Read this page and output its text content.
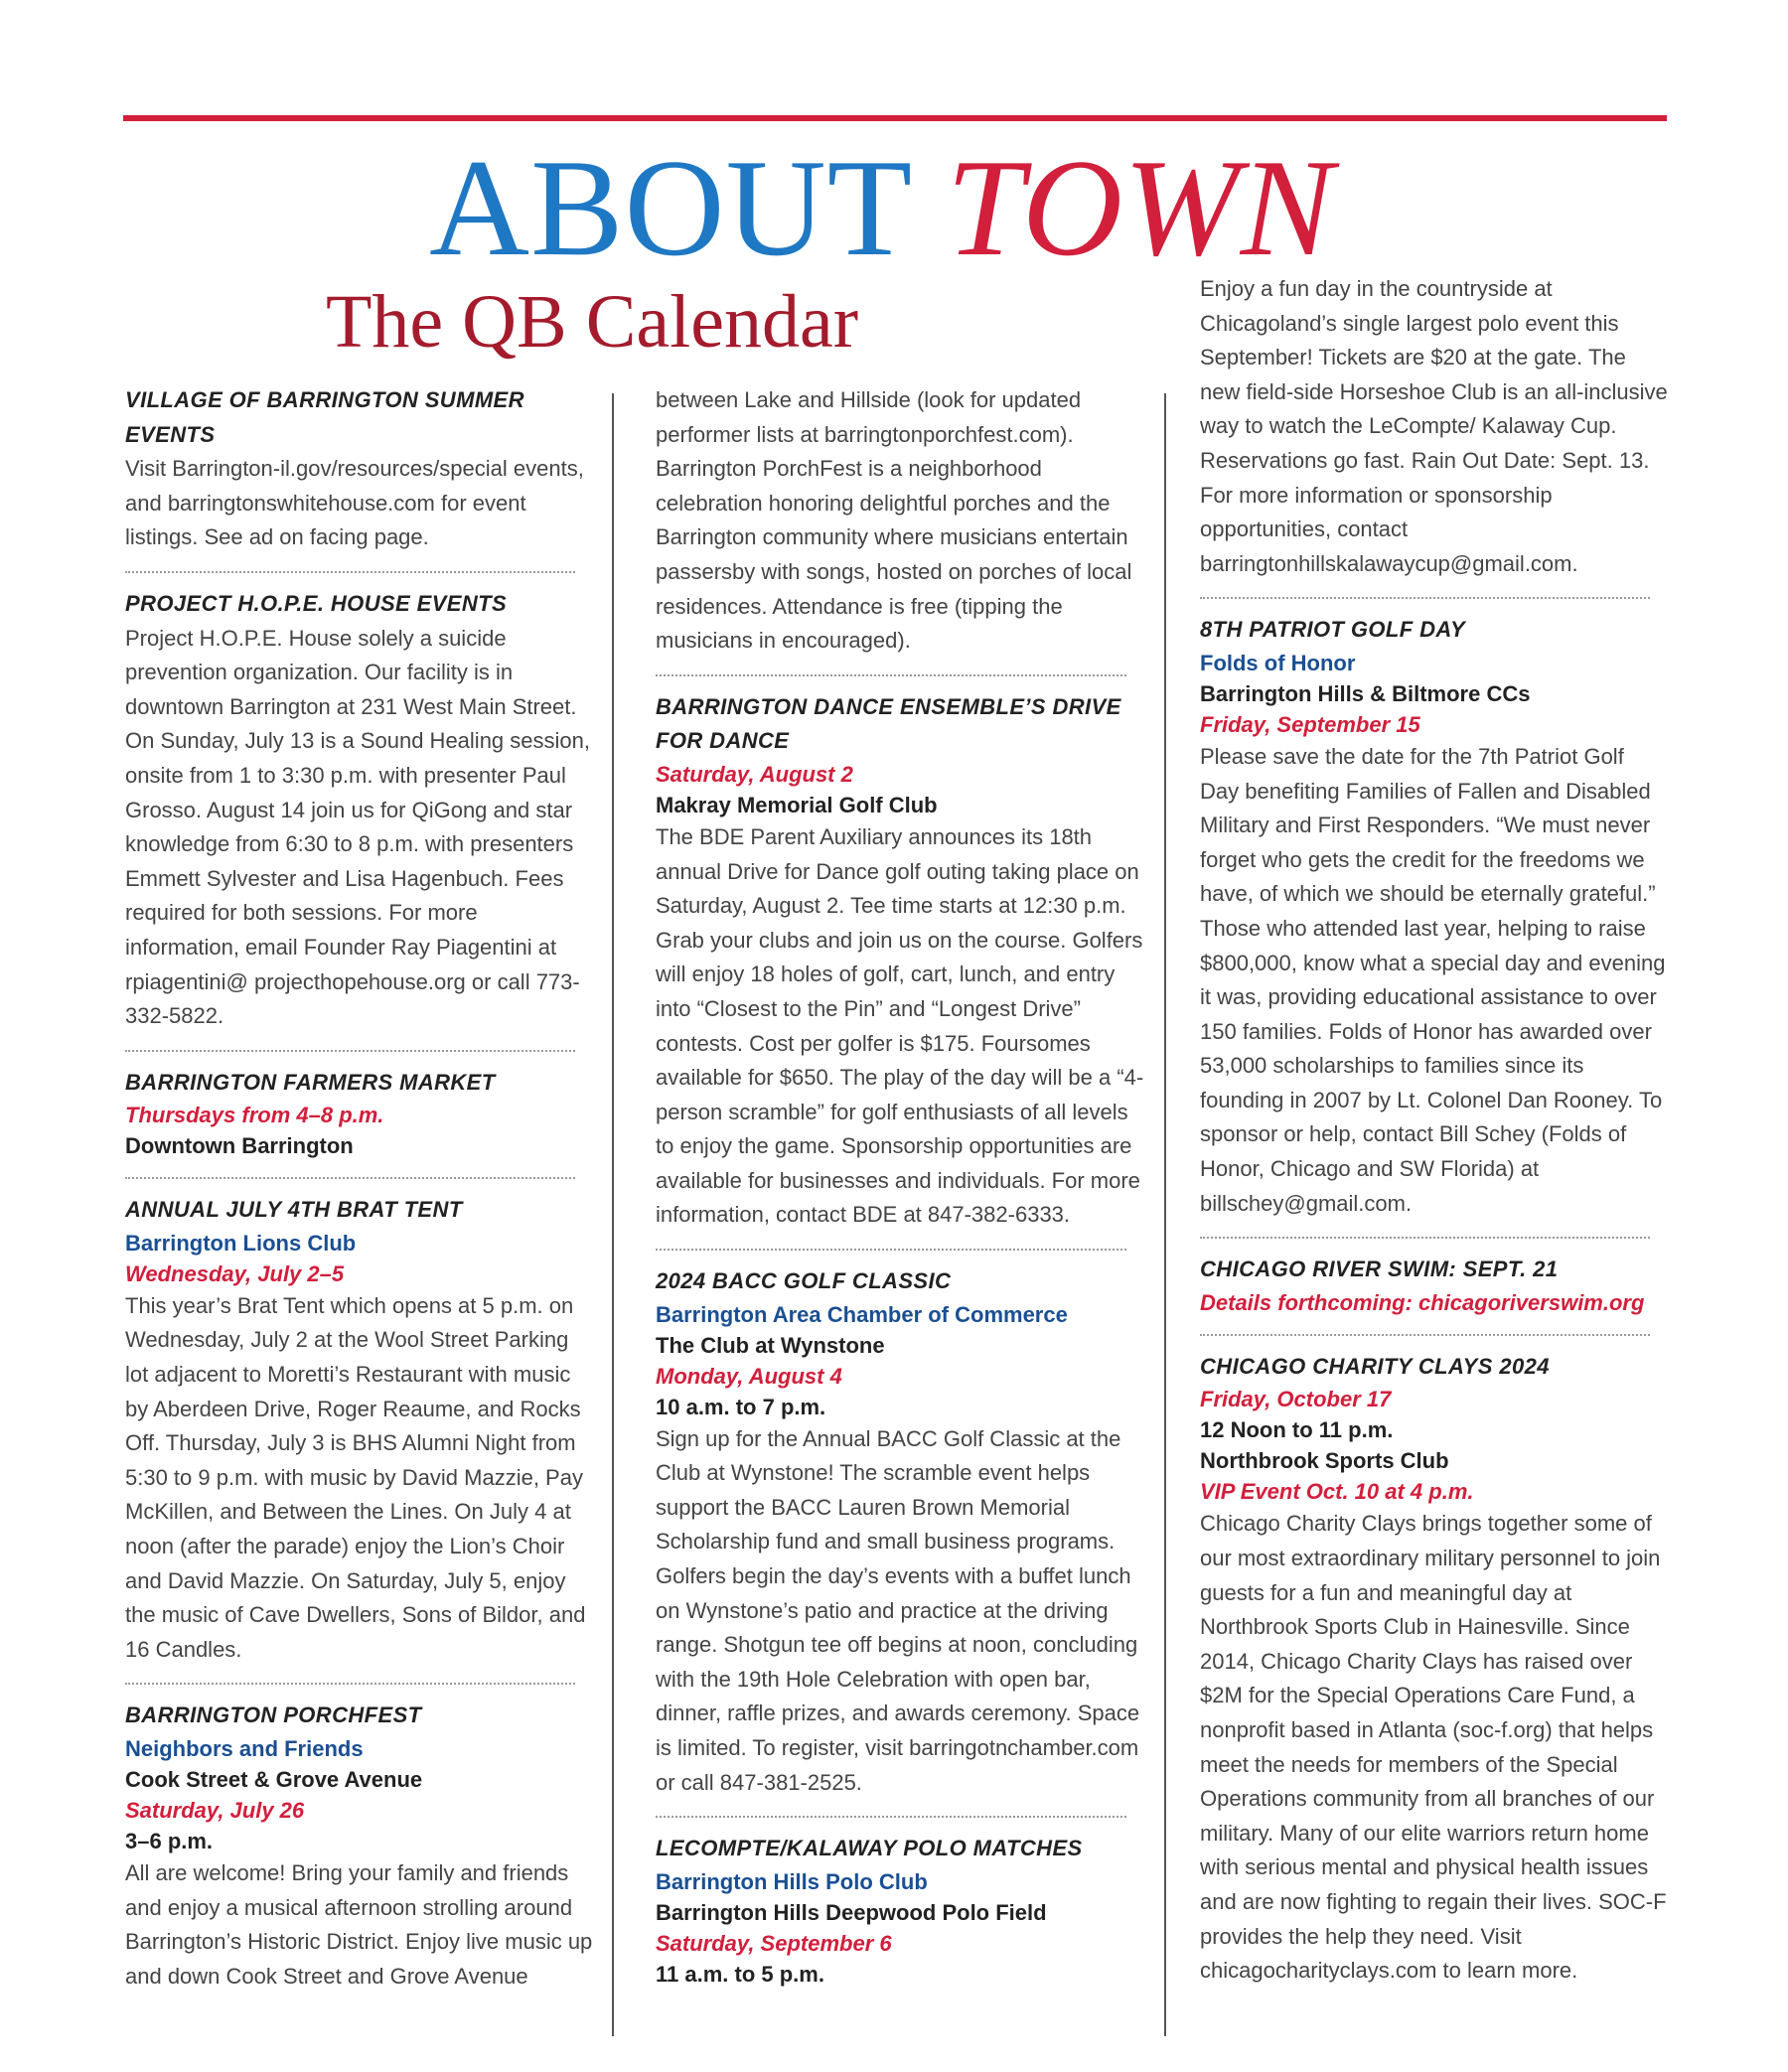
ABOUT TOWN
The QB Calendar

VILLAGE OF BARRINGTON SUMMER EVENTS

Visit Barrington-il.gov/resources/special events, and barringtonswhitehouse.com for event listings. See ad on facing page.

PROJECT H.O.P.E. HOUSE EVENTS

Project H.O.P.E. House solely a suicide prevention organization. Our facility is in downtown Barrington at 231 West Main Street. On Sunday, July 13 is a Sound Healing session, onsite from 1 to 3:30 p.m. with presenter Paul Grosso. August 14 join us for QiGong and star knowledge from 6:30 to 8 p.m. with presenters Emmett Sylvester and Lisa Hagenbuch. Fees required for both sessions. For more information, email Founder Ray Piagentini at rpiagentini@ projecthopehouse.org or call 773-332-5822.

BARRINGTON FARMERS MARKET

Thursdays from 4–8 p.m.

Downtown Barrington

ANNUAL JULY 4TH BRAT TENT

Barrington Lions Club

Wednesday, July 2–5

This year’s Brat Tent which opens at 5 p.m. on Wednesday, July 2 at the Wool Street Parking lot adjacent to Moretti’s Restaurant with music by Aberdeen Drive, Roger Reaume, and Rocks Off. Thursday, July 3 is BHS Alumni Night from 5:30 to 9 p.m. with music by David Mazzie, Pay McKillen, and Between the Lines. On July 4 at noon (after the parade) enjoy the Lion’s Choir and David Mazzie. On Saturday, July 5, enjoy the music of Cave Dwellers, Sons of Bildor, and 16 Candles.

BARRINGTON PORCHFEST

Neighbors and Friends

Cook Street & Grove Avenue

Saturday, July 26

3–6 p.m.

All are welcome! Bring your family and friends and enjoy a musical afternoon strolling around Barrington’s Historic District. Enjoy live music up and down Cook Street and Grove Avenue

between Lake and Hillside (look for updated performer lists at barringtonporchfest.com). Barrington PorchFest is a neighborhood celebration honoring delightful porches and the Barrington community where musicians entertain passersby with songs, hosted on porches of local residences. Attendance is free (tipping the musicians in encouraged).

BARRINGTON DANCE ENSEMBLE’S DRIVE FOR DANCE

Saturday, August 2

Makray Memorial Golf Club

The BDE Parent Auxiliary announces its 18th annual Drive for Dance golf outing taking place on Saturday, August 2. Tee time starts at 12:30 p.m. Grab your clubs and join us on the course. Golfers will enjoy 18 holes of golf, cart, lunch, and entry into “Closest to the Pin” and “Longest Drive” contests. Cost per golfer is $175. Foursomes available for $650. The play of the day will be a “4-person scramble” for golf enthusiasts of all levels to enjoy the game. Sponsorship opportunities are available for businesses and individuals. For more information, contact BDE at 847-382-6333.

2024 BACC GOLF CLASSIC

Barrington Area Chamber of Commerce

The Club at Wynstone

Monday, August 4

10 a.m. to 7 p.m.

Sign up for the Annual BACC Golf Classic at the Club at Wynstone! The scramble event helps support the BACC Lauren Brown Memorial Scholarship fund and small business programs. Golfers begin the day’s events with a buffet lunch on Wynstone’s patio and practice at the driving range. Shotgun tee off begins at noon, concluding with the 19th Hole Celebration with open bar, dinner, raffle prizes, and awards ceremony. Space is limited. To register, visit barringotnchamber.com or call 847-381-2525.

LECOMPTE/KALAWAY POLO MATCHES

Barrington Hills Polo Club

Barrington Hills Deepwood Polo Field

Saturday, September 6

11 a.m. to 5 p.m.

Enjoy a fun day in the countryside at Chicagoland’s single largest polo event this September! Tickets are $20 at the gate. The new field-side Horseshoe Club is an all-inclusive way to watch the LeCompte/ Kalaway Cup. Reservations go fast. Rain Out Date: Sept. 13. For more information or sponsorship opportunities, contact barringtonhillskalawaycup@gmail.com.

8TH PATRIOT GOLF DAY

Folds of Honor

Barrington Hills & Biltmore CCs

Friday, September 15

Please save the date for the 7th Patriot Golf Day benefiting Families of Fallen and Disabled Military and First Responders. “We must never forget who gets the credit for the freedoms we have, of which we should be eternally grateful.” Those who attended last year, helping to raise $800,000, know what a special day and evening it was, providing educational assistance to over 150 families. Folds of Honor has awarded over 53,000 scholarships to families since its founding in 2007 by Lt. Colonel Dan Rooney. To sponsor or help, contact Bill Schey (Folds of Honor, Chicago and SW Florida) at billschey@gmail.com.

CHICAGO RIVER SWIM: SEPT. 21

Details forthcoming: chicagoriverswim.org

CHICAGO CHARITY CLAYS 2024

Friday, October 17

12 Noon to 11 p.m.

Northbrook Sports Club

VIP Event Oct. 10 at 4 p.m.

Chicago Charity Clays brings together some of our most extraordinary military personnel to join guests for a fun and meaningful day at Northbrook Sports Club in Hainesville. Since 2014, Chicago Charity Clays has raised over $2M for the Special Operations Care Fund, a nonprofit based in Atlanta (soc-f.org) that helps meet the needs for members of the Special Operations community from all branches of our military. Many of our elite warriors return home with serious mental and physical health issues and are now fighting to regain their lives. SOC-F provides the help they need. Visit chicagocharityclays.com to learn more.
